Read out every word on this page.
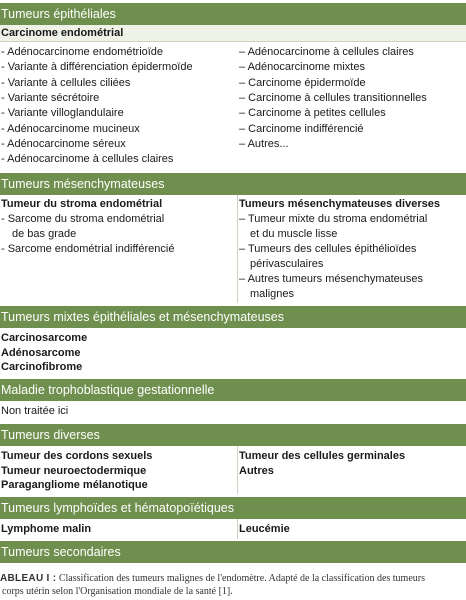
Tumeurs épithéliales
Carcinome endométrial
- Adénocarcinome endométrioïde
- Variante à différenciation épidermoïde
- Variante à cellules ciliées
- Variante sécrétoire
- Variante villoglandulaire
- Adénocarcinome mucineux
- Adénocarcinome séreux
- Adénocarcinome à cellules claires
– Adénocarcinome à cellules claires
– Adénocarcinome mixtes
– Carcinome épidermoïde
– Carcinome à cellules transitionnelles
– Carcinome à petites cellules
– Carcinome indifférencié
– Autres...
Tumeurs mésenchymateuses
Tumeur du stroma endométrial	Tumeurs mésenchymateuses diverses
- Sarcome du stroma endométrial
de bas grade
- Sarcome endométrial indifférencié
– Tumeur mixte du stroma endométrial
et du muscle lisse
– Tumeurs des cellules épithélioïdes
périvasculaires
– Autres tumeurs mésenchymateuses
malignes
Tumeurs mixtes épithéliales et mésenchymateuses
Carcinosarcome
Adénosarcome
Carcinofibrome
Maladie trophoblastique gestationnelle
Non traitée ici
Tumeurs diverses
Tumeur des cordons sexuels
Tumeur neuroectodermique
Paragangliome mélanotique
Tumeur des cellules germinales
Autres
Tumeurs lymphoïdes et hématopoïétiques
Lymphome malin	Leucémie
Tumeurs secondaires
ABLEAU I : Classification des tumeurs malignes de l'endomètre. Adapté de la classification des tumeurs
corps utérin selon l'Organisation mondiale de la santé [1].
